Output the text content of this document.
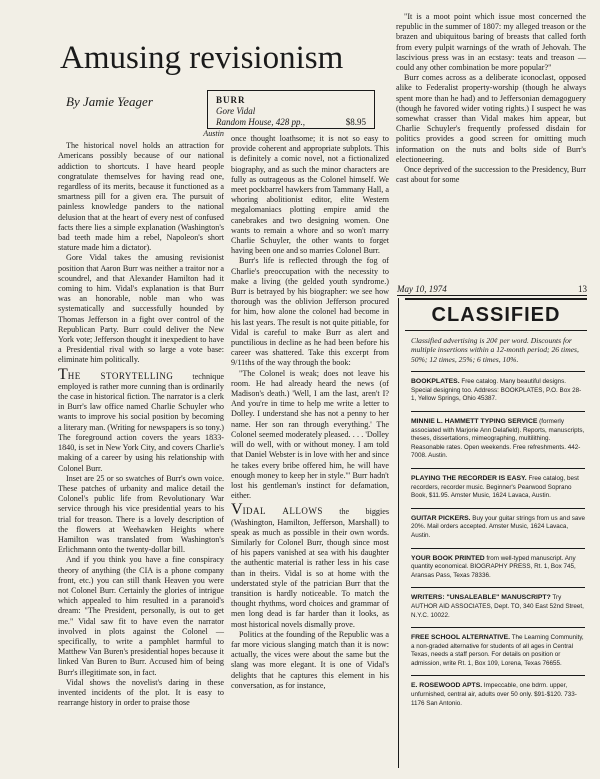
Amusing revisionism
By Jamie Yeager	BURR
Gore Vidal
Random House, 428 pp.,	$8.95
Austin

The historical novel holds an attraction for Americans possibly because of our national addiction to shortcuts. I have heard people congratulate themselves for having read one, regardless of its merits, because it functioned as a smartness pill for a given era. The pursuit of painless knowledge panders to the national delusion that at the heart of every nest of confused facts there lies a simple explanation (Washington's bad teeth made him a rebel, Napoleon's short stature made him a dictator).

Gore Vidal takes the amusing revisionist position that Aaron Burr was neither a traitor nor a scoundrel, and that Alexander Hamilton had it coming to him. Vidal's explanation is that Burr was an honorable, noble man who was systematically and successfully hounded by Thomas Jefferson in a fight over control of the Republican Party. Burr could deliver the New York vote; Jefferson thought it inexpedient to have a Presidential rival with so large a vote base: eliminate him politically.

THE STORYTELLING technique employed is rather more cunning than is ordinarily the case in historical fiction. The narrator is a clerk in Burr's law office named Charlie Schuyler who wants to improve his social position by becoming a literary man. (Writing for newspapers is so tony.) The foreground action covers the years 1833-1840, is set in New York City, and covers Charlie's making of a career by using his relationship with Colonel Burr.

Inset are 25 or so swatches of Burr's own voice. These patches of urbanity and malice detail the Colonel's public life from Revolutionary War service through his vice presidential years to his trial for treason. There is a lovely description of the flowers at Weehawken Heights where Hamilton was translated from Washington's Erlichmann onto the twenty-dollar bill.

And if you think you have a fine conspiracy theory of anything (the CIA is a phone company front, etc.) you can still thank Heaven you were not Colonel Burr. Certainly the glories of intrigue which appealed to him resulted in a paranoid's dream: "The President, personally, is out to get me." Vidal saw fit to have even the narrator involved in plots against the Colonel — specifically, to write a pamphlet harmful to Matthew Van Buren's presidential hopes because it linked Van Buren to Burr. Accused him of being Burr's illegitimate son, in fact.

Vidal shows the novelist's daring in these invented incidents of the plot. It is easy to rearrange history in order to praise those

once thought loathsome; it is not so easy to provide coherent and appropriate subplots. This is definitely a comic novel, not a fictionalized biography, and as such the minor characters are fully as outrageous as the Colonel himself. We meet pockbarrel hawkers from Tammany Hall, a whoring abolitionist editor, elite Western megalomaniacs plotting empire amid the canebrakes and two designing women. One wants to remain a whore and so won't marry Charlie Schuyler, the other wants to forget having been one and so marries Colonel Burr.

Burr's life is reflected through the fog of Charlie's preoccupation with the necessity to make a living (the gelded youth syndrome.) Burr is betrayed by his biographer: we see how thorough was the oblivion Jefferson procured for him, how alone the colonel had become in his last years. The result is not quite pitiable, for Vidal is careful to make Burr as alert and punctilious in decline as he had been before his career was shattered. Take this excerpt from 9/11ths of the way through the book:

"The Colonel is weak; does not leave his room. He had already heard the news (of Madison's death.) 'Well, I am the last, aren't I? And you're in time to help me write a letter to Dolley. I understand she has not a penny to her name. Her son ran through everything.' The Colonel seemed moderately pleased. . . . 'Dolley will do well, with or without money. I am told that Daniel Webster is in love with her and since he takes every bribe offered him, he will have enough money to keep her in style.'" Burr hadn't lost his gentleman's instinct for defamation, either.

VIDAL ALLOWS the biggies (Washington, Hamilton, Jefferson, Marshall) to speak as much as possible in their own words. Similarly for Colonel Burr, though since most of his papers vanished at sea with his daughter the authentic material is rather less in his case than in theirs. Vidal is so at home with the understated style of the patrician Burr that the transition is hardly noticeable. To match the thought rhythms, word choices and grammar of men long dead is far harder than it looks, as most historical novels dismally prove.

Politics at the founding of the Republic was a far more vicious slanging match than it is now: actually, the vices were about the same but the slang was more elegant. It is one of Vidal's delights that he captures this element in his conversation, as for instance,

"It is a moot point which issue most concerned the republic in the summer of 1807: my alleged treason or the brazen and ubiquitous baring of breasts that called forth from every pulpit warnings of the wrath of Jehovah. The lascivious press was in an ecstasy: teats and treason — could any other combination be more popular?"

Burr comes across as a deliberate iconoclast, opposed alike to Federalist property-worship (though he always spent more than he had) and to Jeffersonian demagoguery (though he favored wider voting rights.) I suspect he was somewhat crasser than Vidal makes him appear, but Charlie Schuyler's frequently professed disdain for politics provides a good screen for omitting much information on the nuts and bolts side of Burr's electioneering.

Once deprived of the succession to the Presidency, Burr cast about for some

May 10, 1974	13
CLASSIFIED
Classified advertising is 20¢ per word. Discounts for multiple insertions within a 12-month period; 26 times, 50%; 12 times, 25%; 6 times, 10%.
BOOKPLATES. Free catalog. Many beautiful designs. Special designing too. Address: BOOKPLATES, P.O. Box 28-1, Yellow Springs, Ohio 45387.
MINNIE L. HAMMETT TYPING SERVICE (formerly associated with Marjorie Ann Delafield). Reports, manuscripts, theses, dissertations, mimeographing, multilithing. Reasonable rates. Open weekends. Free refreshments. 442-7008. Austin.
PLAYING THE RECORDER IS EASY. Free catalog, best recorders, recorder music. Beginner's Pearwood Soprano Book, $11.95. Amster Music, 1624 Lavaca, Austin.
GUITAR PICKERS. Buy your guitar strings from us and save 20%. Mail orders accepted. Amster Music, 1624 Lavaca, Austin.
YOUR BOOK PRINTED from well-typed manuscript. Any quantity economical. BIOGRAPHY PRESS, Rt. 1, Box 745, Aransas Pass, Texas 78336.
WRITERS: "UNSALEABLE" MANUSCRIPT? Try AUTHOR AID ASSOCIATES, Dept. TO, 340 East 52nd Street, N.Y.C. 10022.
FREE SCHOOL ALTERNATIVE. The Learning Community, a non-graded alternative for students of all ages in Central Texas, needs a staff person. For details on position or admission, write Rt. 1, Box 109, Lorena, Texas 76655.
E. ROSEWOOD APTS. Impeccable, one bdrm. upper, unfurnished, central air, adults over 50 only. $91-$120. 733-1176 San Antonio.
